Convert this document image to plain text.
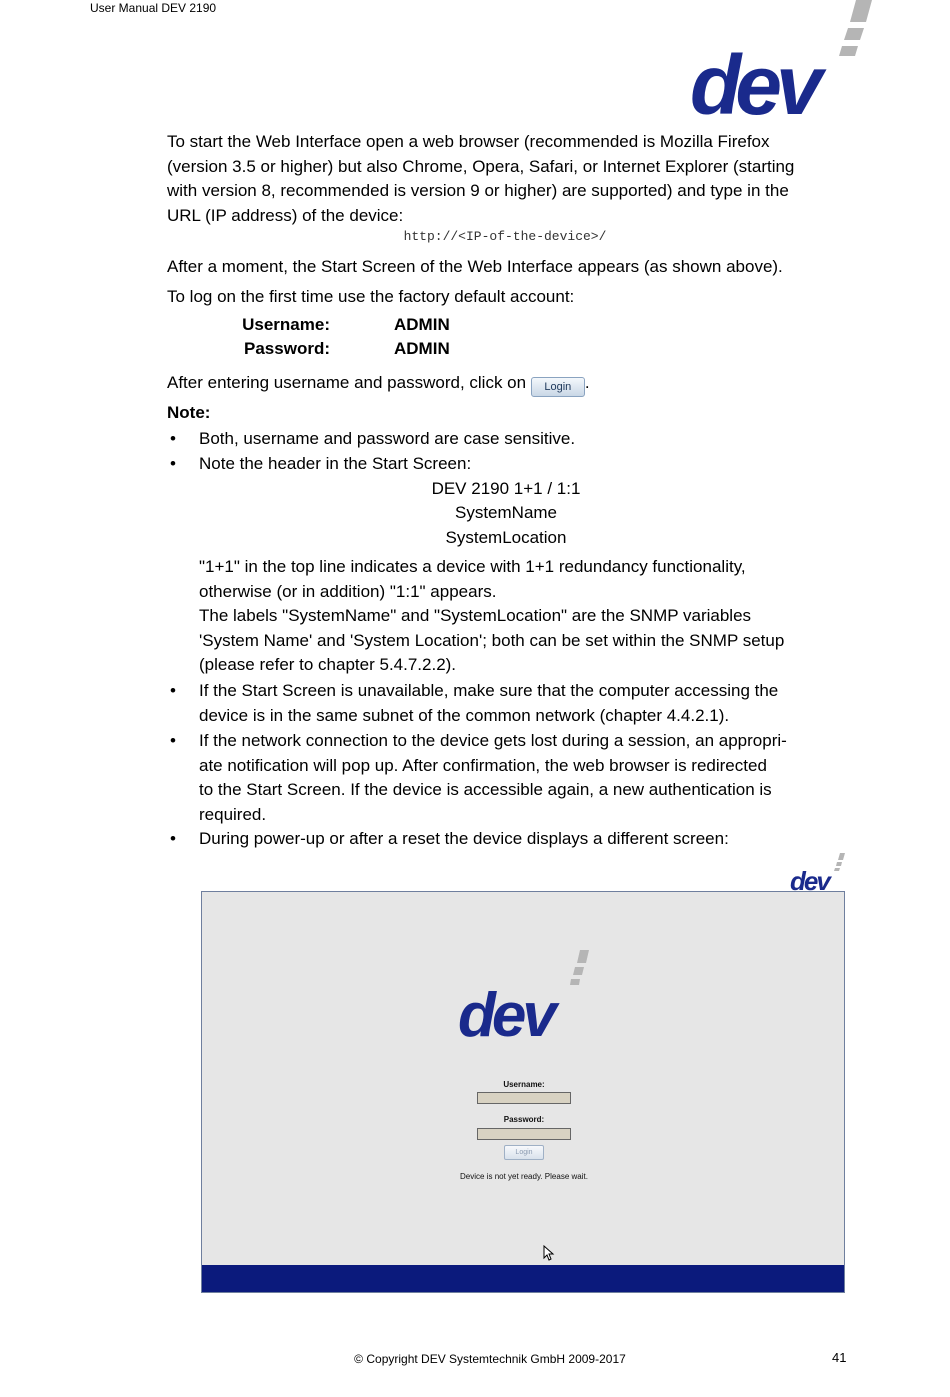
User Manual DEV 2190
dev
To start the Web Interface open a web browser (recommended is Mozilla Firefox
(version 3.5 or higher) but also Chrome, Opera, Safari, or Internet Explorer (starting
with version 8, recommended is version 9 or higher) are supported) and type in the
URL (IP address) of the device:
http://<IP-of-the-device>/
After a moment, the Start Screen of the Web Interface appears (as shown above).
To log on the first time use the factory default account:
Username:	ADMIN
Password:	ADMIN
After entering username and password, click on Login .
Note:
• Both, username and password are case sensitive.
• Note the header in the Start Screen:
DEV 2190 1+1 / 1:1
SystemName
SystemLocation
"1+1" in the top line indicates a device with 1+1 redundancy functionality,
otherwise (or in addition) "1:1" appears.
The labels "SystemName" and "SystemLocation" are the SNMP variables
'System Name' and 'System Location'; both can be set within the SNMP setup
(please refer to chapter 5.4.7.2.2).
• If the Start Screen is unavailable, make sure that the computer accessing the
device is in the same subnet of the common network (chapter 4.4.2.1).
• If the network connection to the device gets lost during a session, an appropri-
ate notification will pop up. After confirmation, the web browser is redirected
to the Start Screen. If the device is accessible again, a new authentication is
required.
• During power-up or after a reset the device displays a different screen:
dev
dev
Username:
Password:
Login
Device is not yet ready. Please wait.
© Copyright DEV Systemtechnik GmbH 2009-2017	41
